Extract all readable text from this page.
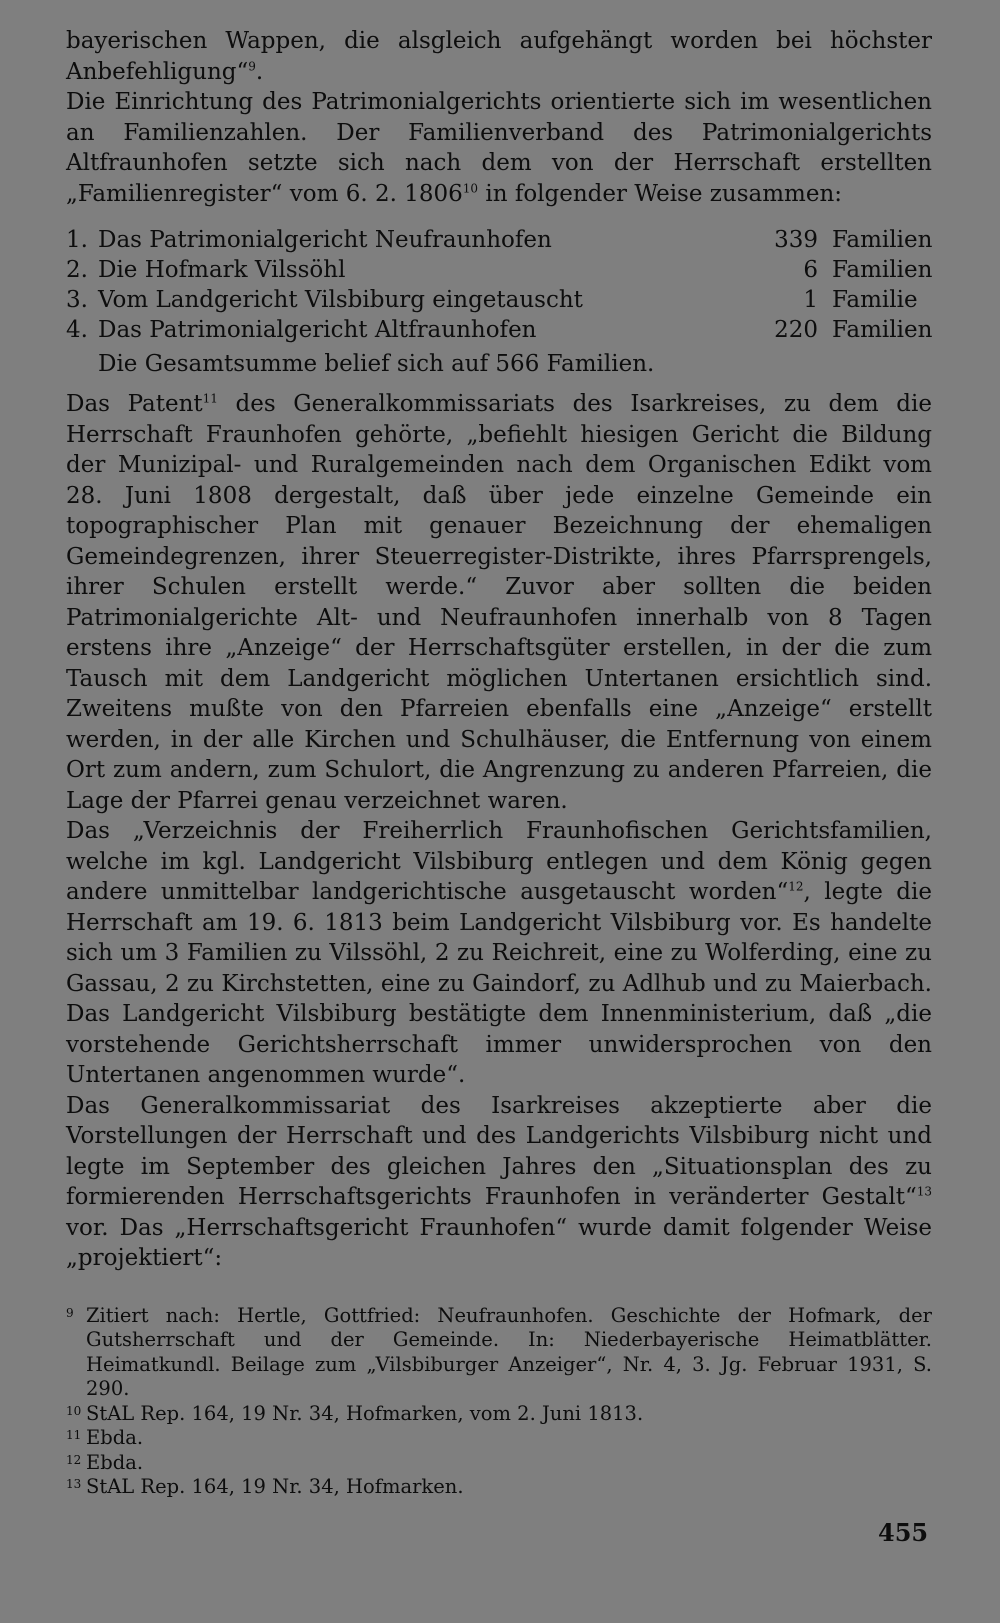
bayerischen Wappen, die alsgleich aufgehängt worden bei höchster Anbefehligung“$^9$.

Die Einrichtung des Patrimonialgerichts orientierte sich im wesentlichen an Familienzahlen. Der Familienverband des Patrimonialgerichts Altfraunhofen setzte sich nach dem von der Herrschaft erstellten „Familienregister“ vom 6. 2. 1806$^{10}$ in folgender Weise zusammen:

1. Das Patrimonialgericht Neufraunhofen	339 Familien
2. Die Hofmark Vilssöhl	6 Familien
3. Vom Landgericht Vilsbiburg eingetauscht	1 Familie
4. Das Patrimonialgericht Altfraunhofen	220 Familien
Die Gesamtsumme belief sich auf 566 Familien.

Das Patent$^{11}$ des Generalkommissariats des Isarkreises, zu dem die Herrschaft Fraunhofen gehörte, „befiehlt hiesigen Gericht die Bildung der Munizipal- und Ruralgemeinden nach dem Organischen Edikt vom 28. Juni 1808 dergestalt, daß über jede einzelne Gemeinde ein topographischer Plan mit genauer Bezeichnung der ehemaligen Gemeindegrenzen, ihrer Steuerregister-Distrikte, ihres Pfarrsprengels, ihrer Schulen erstellt werde.“ Zuvor aber sollten die beiden Patrimonialgerichte Alt- und Neufraunhofen innerhalb von 8 Tagen erstens ihre „Anzeige“ der Herrschaftsgüter erstellen, in der die zum Tausch mit dem Landgericht möglichen Untertanen ersichtlich sind. Zweitens mußte von den Pfarreien ebenfalls eine „Anzeige“ erstellt werden, in der alle Kirchen und Schulhäuser, die Entfernung von einem Ort zum andern, zum Schulort, die Angrenzung zu anderen Pfarreien, die Lage der Pfarrei genau verzeichnet waren.

Das „Verzeichnis der Freiherrlich Fraunhofischen Gerichtsfamilien, welche im kgl. Landgericht Vilsbiburg entlegen und dem König gegen andere unmittelbar landgerichtische ausgetauscht worden“$^{12}$, legte die Herrschaft am 19. 6. 1813 beim Landgericht Vilsbiburg vor. Es handelte sich um 3 Familien zu Vilssöhl, 2 zu Reichreit, eine zu Wolferding, eine zu Gassau, 2 zu Kirchstetten, eine zu Gaindorf, zu Adlhub und zu Maierbach. Das Landgericht Vilsbiburg bestätigte dem Innenministerium, daß „die vorstehende Gerichtsherrschaft immer unwidersprochen von den Untertanen angenommen wurde“.

Das Generalkommissariat des Isarkreises akzeptierte aber die Vorstellungen der Herrschaft und des Landgerichts Vilsbiburg nicht und legte im September des gleichen Jahres den „Situationsplan des zu formierenden Herrschaftsgerichts Fraunhofen in veränderter Gestalt“$^{13}$ vor. Das „Herrschaftsgericht Fraunhofen“ wurde damit folgender Weise „projektiert“:

9 Zitiert nach: Hertle, Gottfried: Neufraunhofen. Geschichte der Hofmark, der Gutsherrschaft und der Gemeinde. In: Niederbayerische Heimatblätter. Heimatkundl. Beilage zum „Vilsbiburger Anzeiger“, Nr. 4, 3. Jg. Februar 1931, S. 290.
10 StAL Rep. 164, 19 Nr. 34, Hofmarken, vom 2. Juni 1813.
11 Ebda.
12 Ebda.
13 StAL Rep. 164, 19 Nr. 34, Hofmarken.
455
